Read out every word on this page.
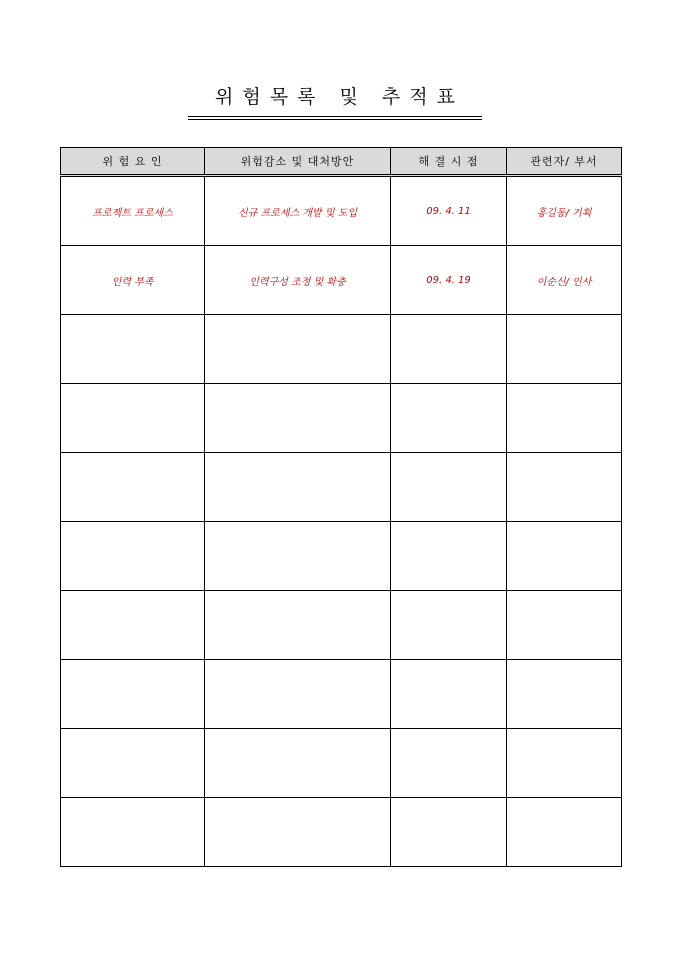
위험목록 및 추적표
위 험 요 인	위험감소 및 대처방안	해 결 시 점	관련자/ 부서
프로젝트 프로세스	신규 프로세스 개발 및 도입	09. 4. 11	홍길동/ 기획
인력 부족	인력구성 조정 및 확충	09. 4. 19	이순신/ 인사
